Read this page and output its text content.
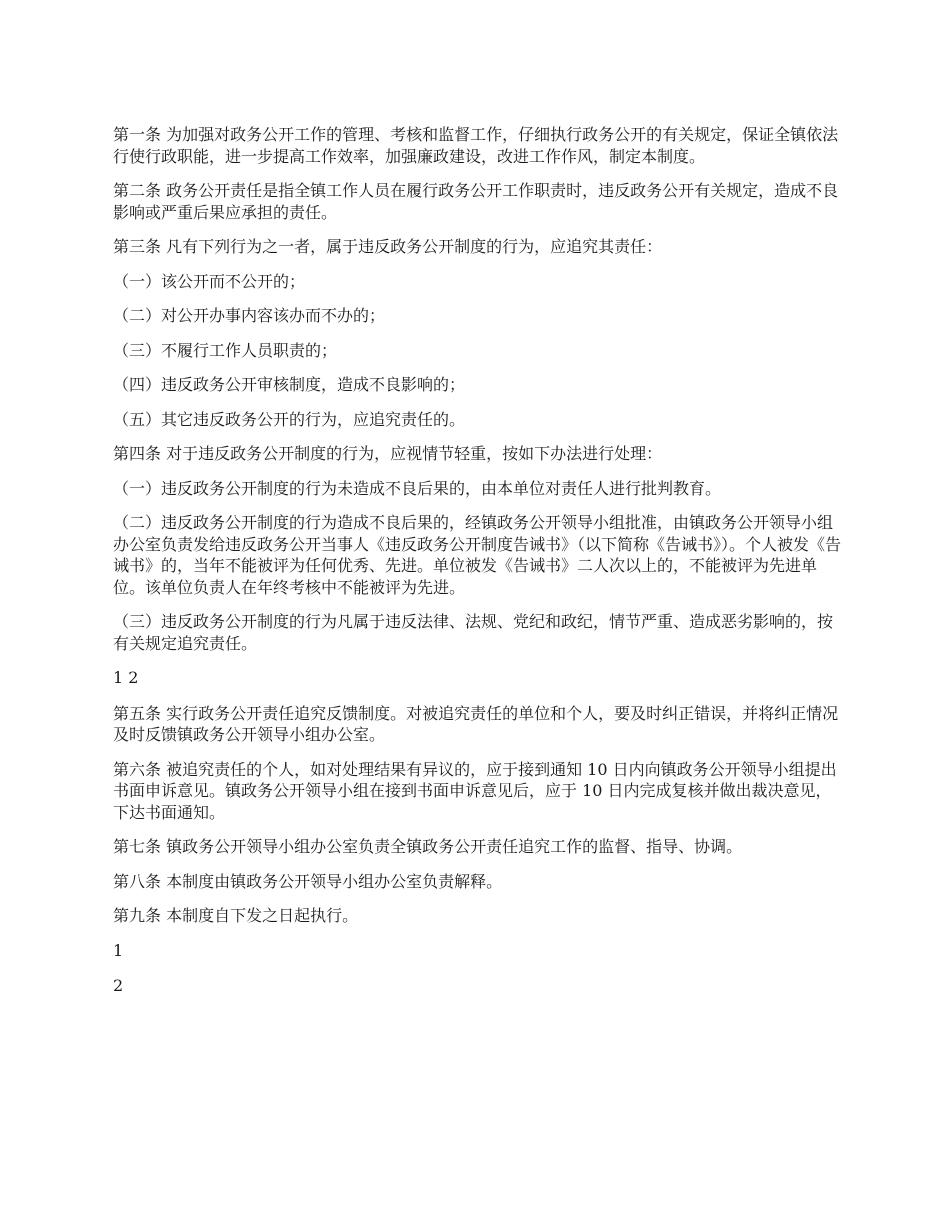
第一条 为加强对政务公开工作的管理、考核和监督工作，仔细执行政务公开的有关规定，保证全镇依法行使行政职能，进一步提高工作效率，加强廉政建设，改进工作作风，制定本制度。

第二条 政务公开责任是指全镇工作人员在履行政务公开工作职责时，违反政务公开有关规定，造成不良影响或严重后果应承担的责任。

第三条 凡有下列行为之一者，属于违反政务公开制度的行为，应追究其责任：

（一）该公开而不公开的；

（二）对公开办事内容该办而不办的；

（三）不履行工作人员职责的；

（四）违反政务公开审核制度，造成不良影响的；

（五）其它违反政务公开的行为，应追究责任的。

第四条 对于违反政务公开制度的行为，应视情节轻重，按如下办法进行处理：

（一）违反政务公开制度的行为未造成不良后果的，由本单位对责任人进行批判教育。

（二）违反政务公开制度的行为造成不良后果的，经镇政务公开领导小组批准，由镇政务公开领导小组办公室负责发给违反政务公开当事人《违反政务公开制度告诫书》（以下简称《告诫书》）。个人被发《告诫书》的，当年不能被评为任何优秀、先进。单位被发《告诫书》二人次以上的，不能被评为先进单位。该单位负责人在年终考核中不能被评为先进。

（三）违反政务公开制度的行为凡属于违反法律、法规、党纪和政纪，情节严重、造成恶劣影响的，按有关规定追究责任。

1 2

第五条 实行政务公开责任追究反馈制度。对被追究责任的单位和个人，要及时纠正错误，并将纠正情况及时反馈镇政务公开领导小组办公室。

第六条 被追究责任的个人，如对处理结果有异议的，应于接到通知 10 日内向镇政务公开领导小组提出书面申诉意见。镇政务公开领导小组在接到书面申诉意见后，应于 10 日内完成复核并做出裁决意见，下达书面通知。

第七条 镇政务公开领导小组办公室负责全镇政务公开责任追究工作的监督、指导、协调。

第八条 本制度由镇政务公开领导小组办公室负责解释。

第九条 本制度自下发之日起执行。

1

2
